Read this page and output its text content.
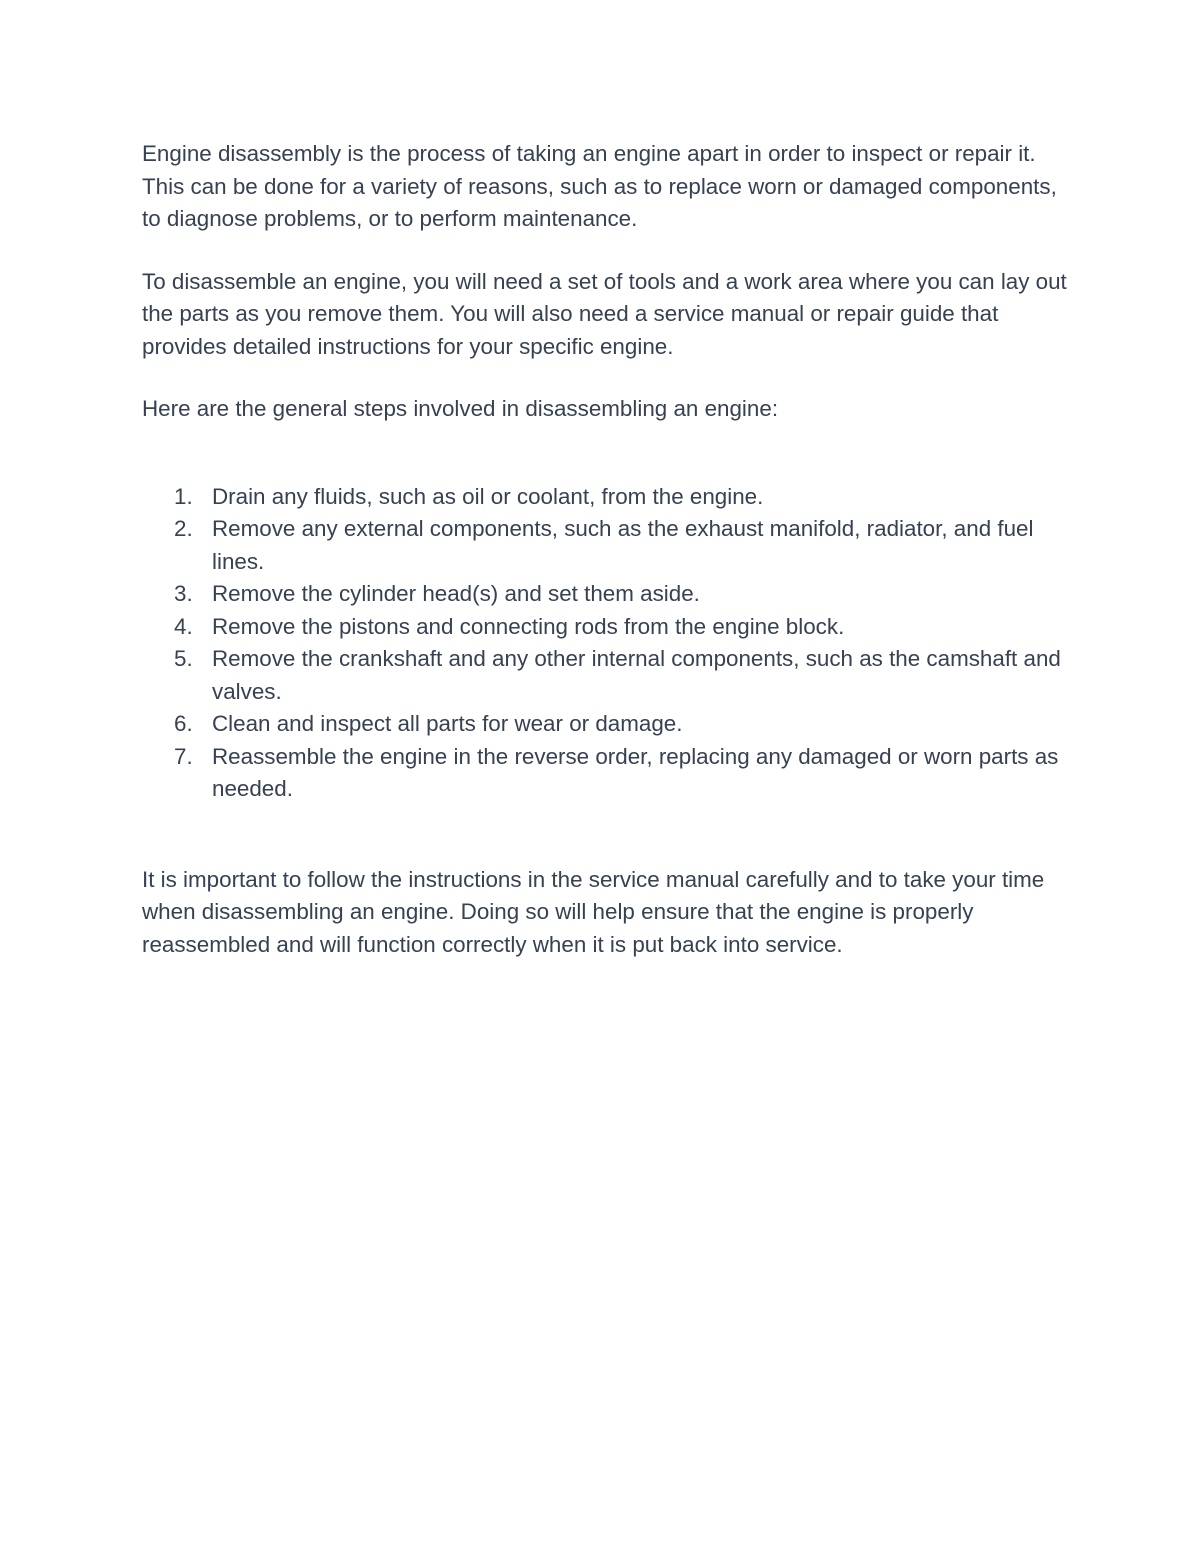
Engine disassembly is the process of taking an engine apart in order to inspect or repair it. This can be done for a variety of reasons, such as to replace worn or damaged components, to diagnose problems, or to perform maintenance.

To disassemble an engine, you will need a set of tools and a work area where you can lay out the parts as you remove them. You will also need a service manual or repair guide that provides detailed instructions for your specific engine.

Here are the general steps involved in disassembling an engine:

1. Drain any fluids, such as oil or coolant, from the engine.
2. Remove any external components, such as the exhaust manifold, radiator, and fuel lines.
3. Remove the cylinder head(s) and set them aside.
4. Remove the pistons and connecting rods from the engine block.
5. Remove the crankshaft and any other internal components, such as the camshaft and valves.
6. Clean and inspect all parts for wear or damage.
7. Reassemble the engine in the reverse order, replacing any damaged or worn parts as needed.

It is important to follow the instructions in the service manual carefully and to take your time when disassembling an engine. Doing so will help ensure that the engine is properly reassembled and will function correctly when it is put back into service.
